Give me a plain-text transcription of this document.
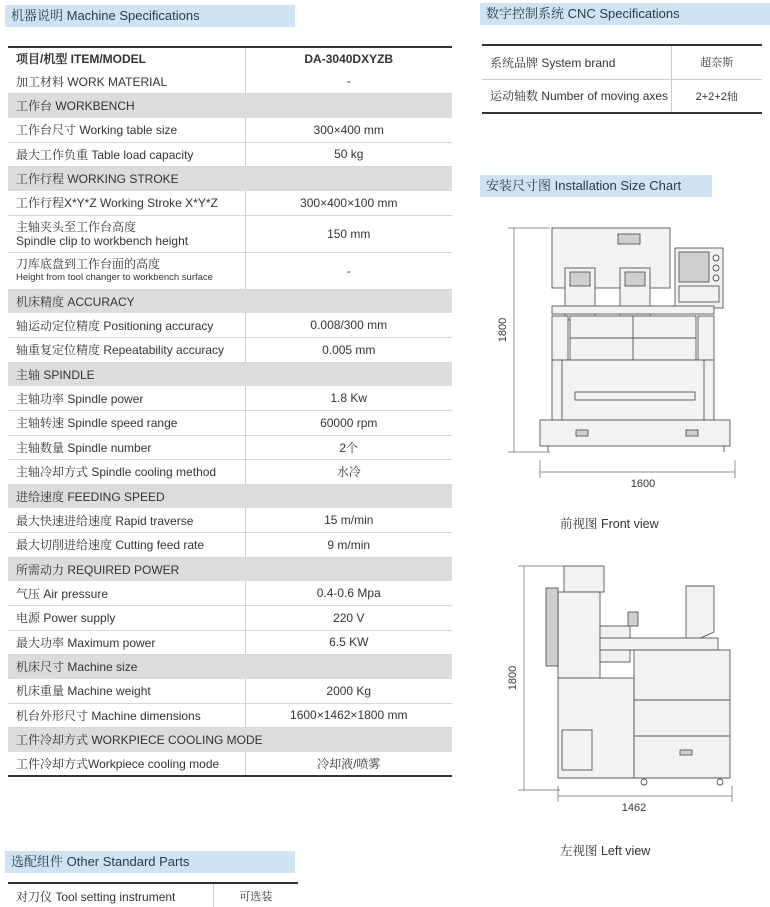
机器说明 Machine Specifications
项目/机型 ITEM/MODEL	DA-3040DXYZB
加工材料 WORK MATERIAL	-
工作台 WORKBENCH	
工作台尺寸 Working table size	300×400 mm
最大工作负重 Table load capacity	50 kg
工作行程 WORKING STROKE	
工作行程X*Y*Z Working Stroke X*Y*Z	300×400×100 mm

主轴夹头至工作台高度
Spindle clip to workbench height	150 mm

刀库底盘到工作台面的高度
Height from tool changer to workbench surface	-
机床精度 ACCURACY	
轴运动定位精度 Positioning accuracy	0.008/300 mm
轴重复定位精度 Repeatability accuracy	0.005 mm
主轴 SPINDLE	
主轴功率 Spindle power	1.8 Kw
主轴转速 Spindle speed range	60000 rpm
主轴数量 Spindle number	2个
主轴冷却方式 Spindle cooling method	水冷
进给速度 FEEDING SPEED	
最大快速进给速度 Rapid traverse	15 m/min
最大切削进给速度 Cutting feed rate	9 m/min
所需动力 REQUIRED POWER	
气压 Air pressure	0.4-0.6 Mpa
电源 Power supply	220 V
最大功率 Maximum power	6.5 KW
机床尺寸 Machine size	
机床重量 Machine weight	2000 Kg
机台外形尺寸 Machine dimensions	1600×1462×1800 mm
工件冷却方式 WORKPIECE COOLING MODE	
工件冷却方式Workpiece cooling mode	冷却液/喷雾
数字控制系统 CNC Specifications
系统品牌 System brand	超奈斯
运动轴数 Number of moving axes	2+2+2轴
安装尺寸图 Installation Size Chart
1800
1600
前视图 Front view
1800
1462
左视图 Left view
选配组件 Other Standard Parts
对刀仪 Tool setting instrument	可选装
